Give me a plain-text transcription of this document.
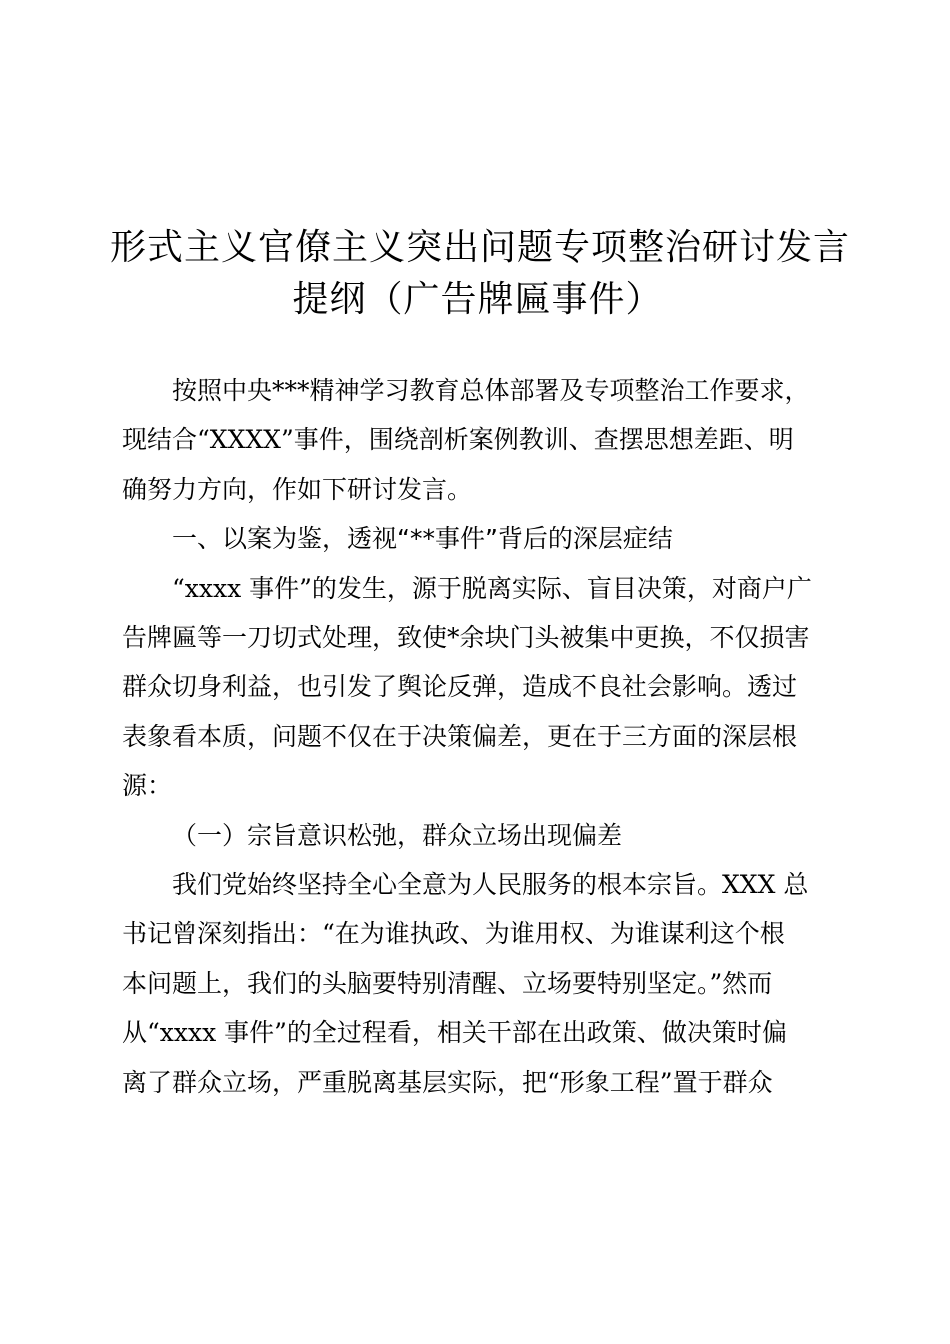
形式主义官僚主义突出问题专项整治研讨发言
提纲（广告牌匾事件）

按照中央***精神学习教育总体部署及专项整治工作要求，
现结合“XXXX”事件，围绕剖析案例教训、查摆思想差距、明
确努力方向，作如下研讨发言。

一、以案为鉴，透视“**事件”背后的深层症结

“xxxx 事件”的发生，源于脱离实际、盲目决策，对商户广
告牌匾等一刀切式处理，致使*余块门头被集中更换，不仅损害
群众切身利益，也引发了舆论反弹，造成不良社会影响。透过
表象看本质，问题不仅在于决策偏差，更在于三方面的深层根
源：

（一）宗旨意识松弛，群众立场出现偏差

我们党始终坚持全心全意为人民服务的根本宗旨。XXX 总
书记曾深刻指出：“在为谁执政、为谁用权、为谁谋利这个根
本问题上，我们的头脑要特别清醒、立场要特别坚定。”然而
从“xxxx 事件”的全过程看，相关干部在出政策、做决策时偏
离了群众立场，严重脱离基层实际，把“形象工程”置于群众
